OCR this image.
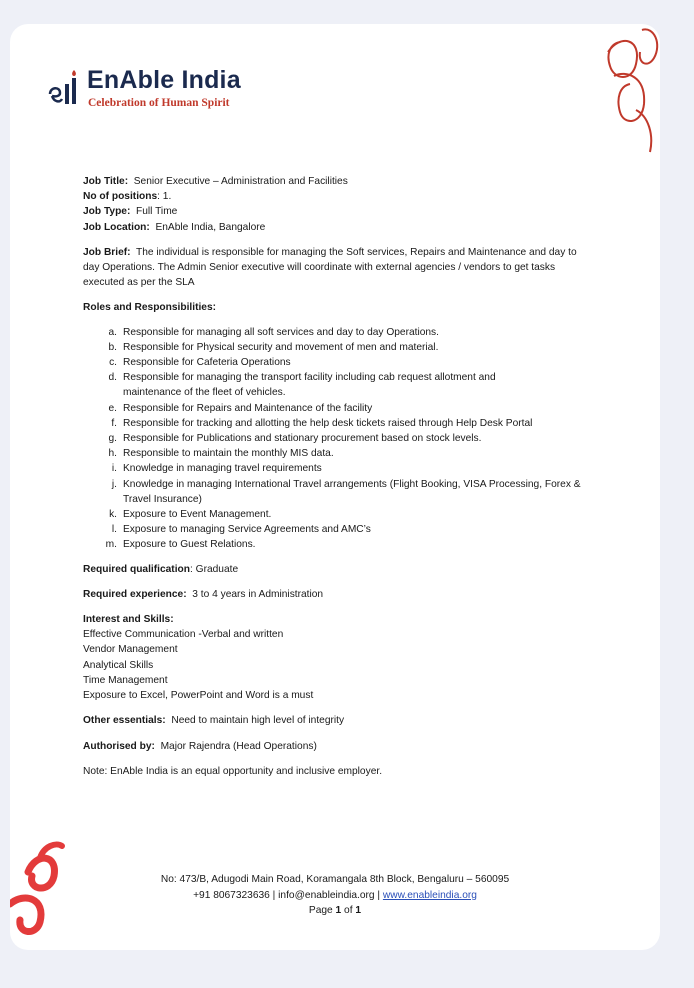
EnAble India
Celebration of Human Spirit
Job Title: Senior Executive – Administration and Facilities
No of positions: 1.
Job Type: Full Time
Job Location: EnAble India, Bangalore
Job Brief: The individual is responsible for managing the Soft services, Repairs and Maintenance and day to day Operations. The Admin Senior executive will coordinate with external agencies / vendors to get tasks executed as per the SLA
Roles and Responsibilities:
a. Responsible for managing all soft services and day to day Operations.
b. Responsible for Physical security and movement of men and material.
c. Responsible for Cafeteria Operations
d. Responsible for managing the transport facility including cab request allotment and maintenance of the fleet of vehicles.
e. Responsible for Repairs and Maintenance of the facility
f. Responsible for tracking and allotting the help desk tickets raised through Help Desk Portal
g. Responsible for Publications and stationary procurement based on stock levels.
h. Responsible to maintain the monthly MIS data.
i. Knowledge in managing travel requirements
j. Knowledge in managing International Travel arrangements (Flight Booking, VISA Processing, Forex & Travel Insurance)
k. Exposure to Event Management.
l. Exposure to managing Service Agreements and AMC’s
m. Exposure to Guest Relations.
Required qualification: Graduate
Required experience: 3 to 4 years in Administration
Interest and Skills:
Effective Communication -Verbal and written
Vendor Management
Analytical Skills
Time Management
Exposure to Excel, PowerPoint and Word is a must
Other essentials: Need to maintain high level of integrity
Authorised by: Major Rajendra (Head Operations)
Note: EnAble India is an equal opportunity and inclusive employer.
No: 473/B, Adugodi Main Road, Koramangala 8th Block, Bengaluru – 560095
+91 8067323636 | info@enableindia.org | www.enableindia.org
Page 1 of 1
